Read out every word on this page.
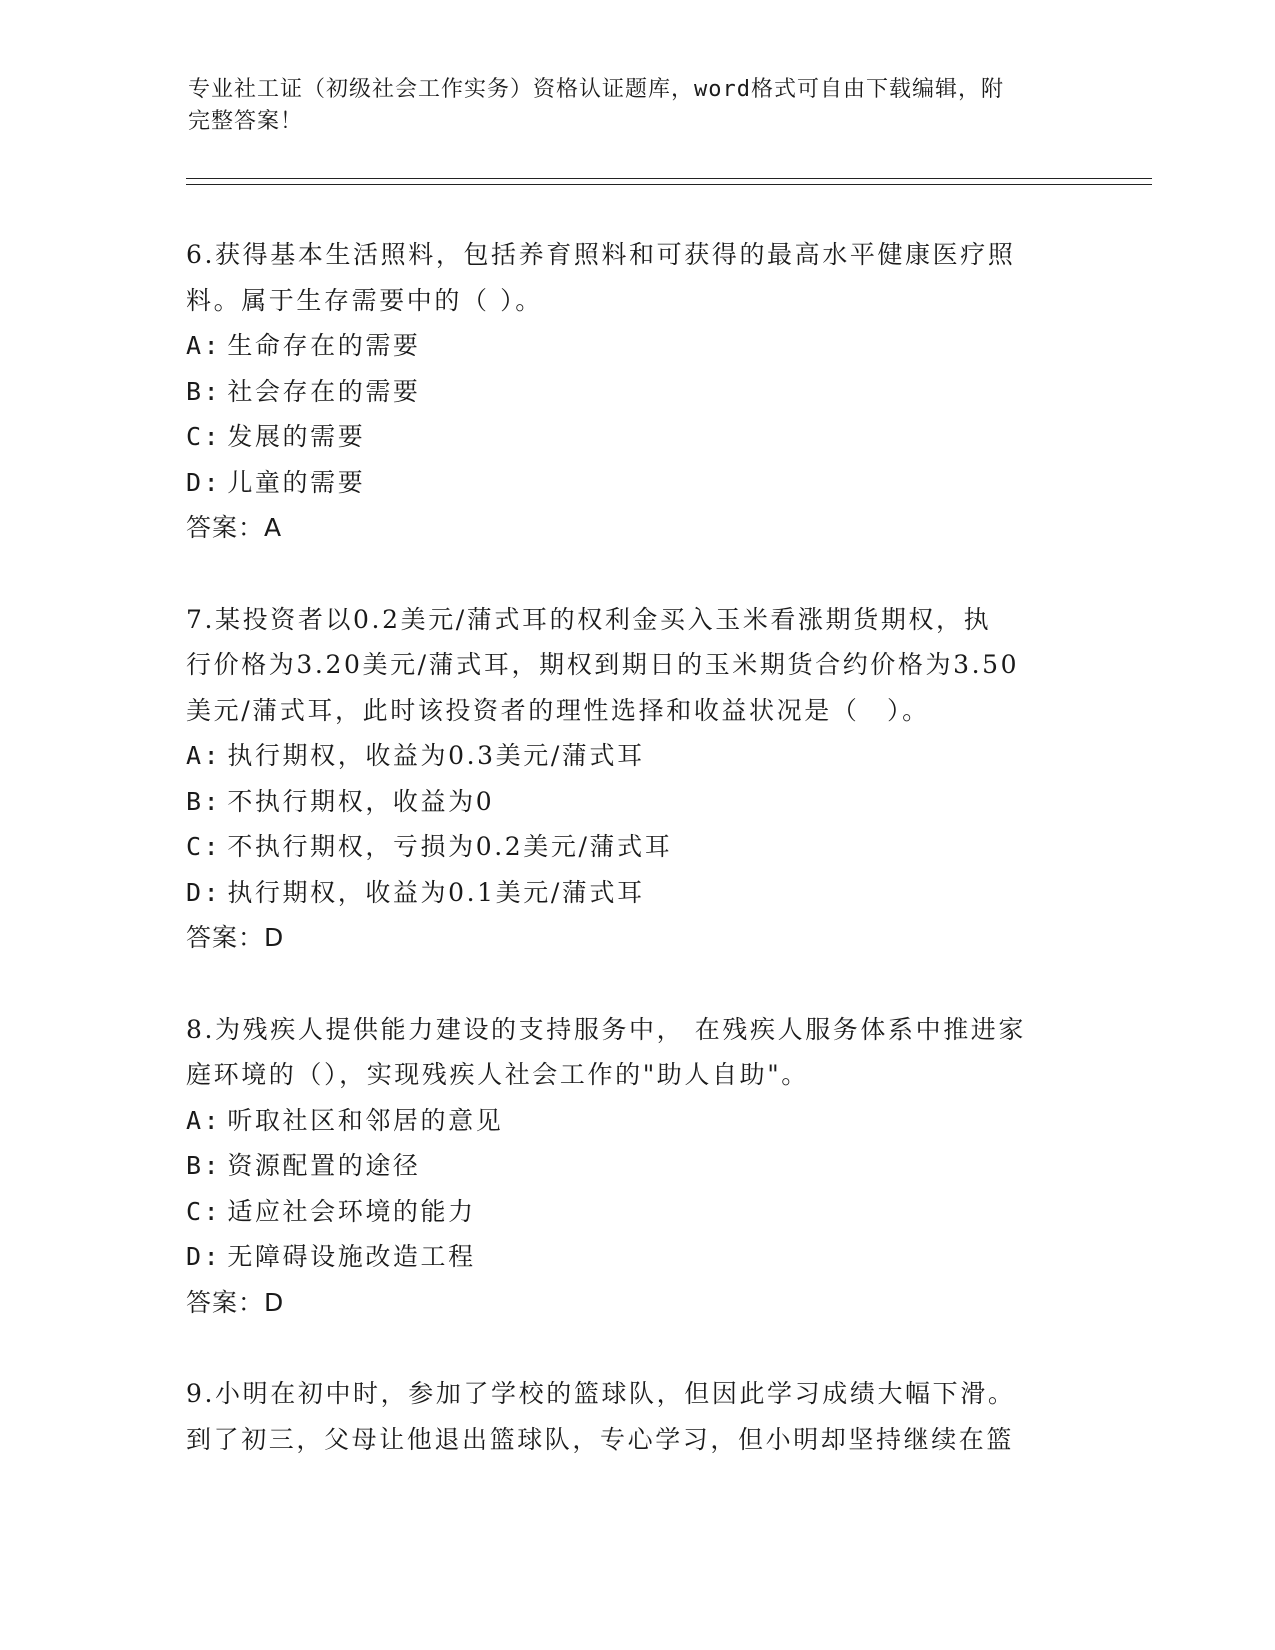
专业社工证（初级社会工作实务）资格认证题库，word格式可自由下载编辑，附
完整答案！
6.获得基本生活照料，包括养育照料和可获得的最高水平健康医疗照
料。属于生存需要中的（ ）。
A: 生命存在的需要
B: 社会存在的需要
C: 发展的需要
D: 儿童的需要
答案：A
7.某投资者以0.2美元/蒲式耳的权利金买入玉米看涨期货期权，执
行价格为3.20美元/蒲式耳，期权到期日的玉米期货合约价格为3.50
美元/蒲式耳，此时该投资者的理性选择和收益状况是（　）。
A: 执行期权，收益为0.3美元/蒲式耳
B: 不执行期权，收益为0
C: 不执行期权，亏损为0.2美元/蒲式耳
D: 执行期权，收益为0.1美元/蒲式耳
答案：D
8.为残疾人提供能力建设的支持服务中， 在残疾人服务体系中推进家
庭环境的（），实现残疾人社会工作的"助人自助"。
A: 听取社区和邻居的意见
B: 资源配置的途径
C: 适应社会环境的能力
D: 无障碍设施改造工程
答案：D
9.小明在初中时，参加了学校的篮球队，但因此学习成绩大幅下滑。
到了初三，父母让他退出篮球队，专心学习，但小明却坚持继续在篮
